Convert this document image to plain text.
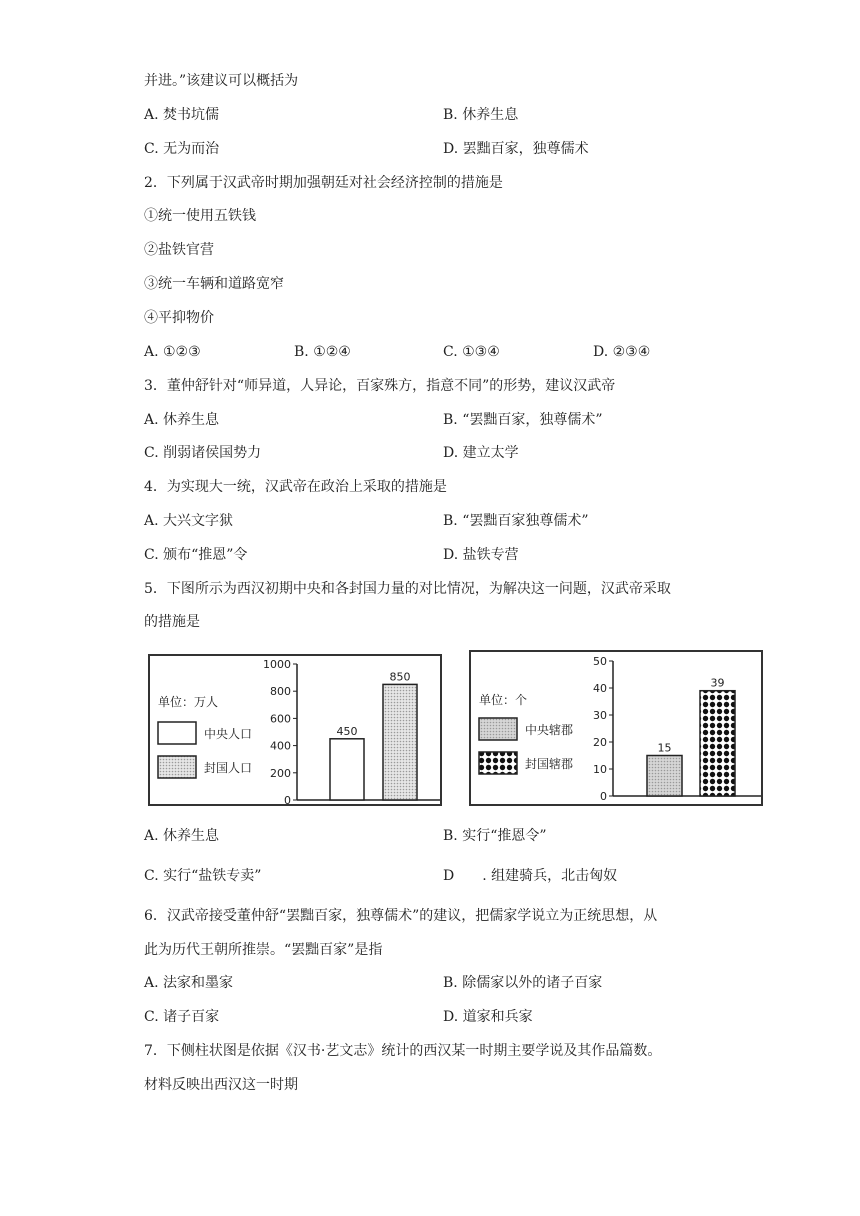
并进。”该建议可以概括为
A. 焚书坑儒	B. 休养生息
C. 无为而治	D. 罢黜百家，独尊儒术
2．下列属于汉武帝时期加强朝廷对社会经济控制的措施是
①统一使用五铁钱
②盐铁官营
③统一车辆和道路宽窄
④平抑物价
A. ①②③	B. ①②④	C. ①③④	D. ②③④
3．董仲舒针对“师异道，人异论，百家殊方，指意不同”的形势，建议汉武帝
A. 休养生息	B. “罢黜百家，独尊儒术”
C. 削弱诸侯国势力	D. 建立太学
4．为实现大一统，汉武帝在政治上采取的措施是
A. 大兴文字狱	B. “罢黜百家独尊儒术”
C. 颁布“推恩”令	D. 盐铁专营
5．下图所示为西汉初期中央和各封国力量的对比情况，为解决这一问题，汉武帝采取
的措施是
单位：万人
中央人口
封国人口
0
200
400
600
800
1000
450
850
单位：个
中央辖郡
封国辖郡
0
10
20
30
40
50
15
39
A. 休养生息	B. 实行“推恩令”
C. 实行“盐铁专卖”	D　　. 组建骑兵，北击匈奴
6．汉武帝接受董仲舒“罢黜百家，独尊儒术”的建议，把儒家学说立为正统思想，从
此为历代王朝所推崇。“罢黜百家”是指
A. 法家和墨家	B. 除儒家以外的诸子百家
C. 诸子百家	D. 道家和兵家
7．下侧柱状图是依据《汉书·艺文志》统计的西汉某一时期主要学说及其作品篇数。
材料反映出西汉这一时期
